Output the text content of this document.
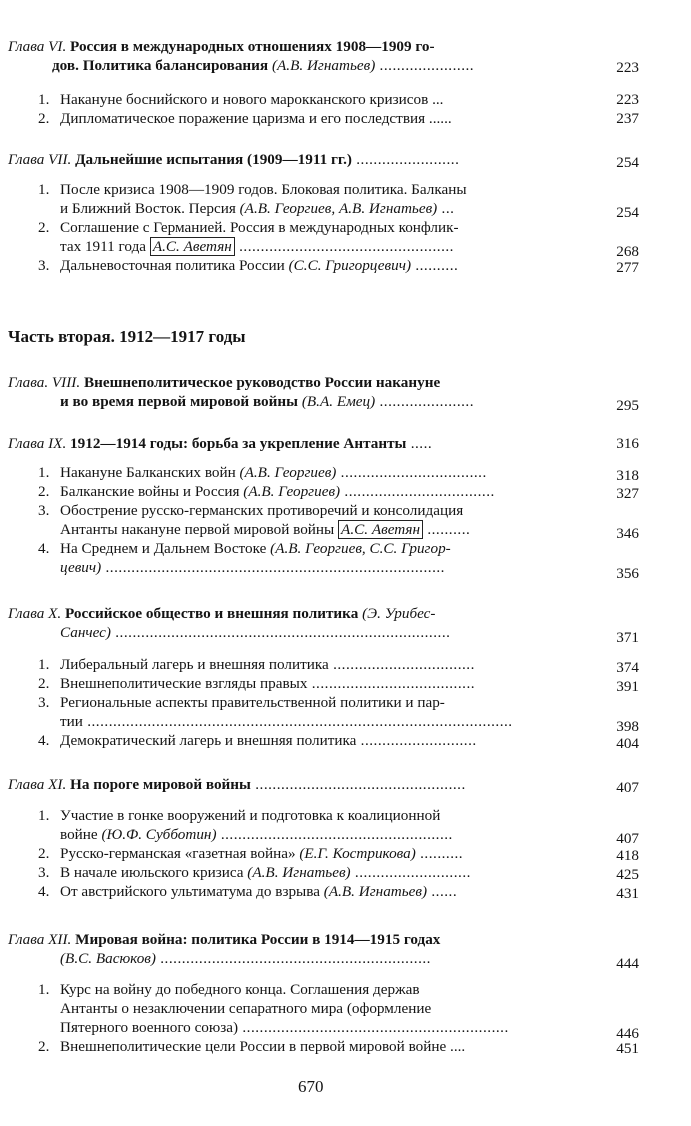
Глава VI. Россия в международных отношениях 1908—1909 го-
дов. Политика балансирования (А.В. Игнатьев) ......................	223
1. Накануне боснийского и нового марокканского кризисов ...	223
2. Дипломатическое поражение царизма и его последствия ......	237
Глава VII. Дальнейшие испытания (1909—1911 гг.) ........................	254
1. После кризиса 1908—1909 годов. Блоковая политика. Балканы
и Ближний Восток. Персия (А.В. Георгиев, А.В. Игнатьев) ...	254
2. Соглашение с Германией. Россия в международных конфлик-
тах 1911 года А.С. Аветян ..................................................	268
3. Дальневосточная политика России (С.С. Григорцевич) ..........	277
Часть вторая. 1912—1917 годы
Глава. VIII. Внешнеполитическое руководство России накануне
и во время первой мировой войны (В.А. Емец) ......................	295
Глава IX. 1912—1914 годы: борьба за укрепление Антанты .....	316
1. Накануне Балканских войн (А.В. Георгиев) ..................................	318
2. Балканские войны и Россия (А.В. Георгиев) ...................................	327
3. Обострение русско-германских противоречий и консолидация
Антанты накануне первой мировой войны А.С. Аветян ..........	346
4. На Среднем и Дальнем Востоке (А.В. Георгиев, С.С. Григор-
цевич) ...............................................................................	356
Глава X. Российское общество и внешняя политика (Э. Урибес-
Санчес) ..............................................................................	371
1. Либеральный лагерь и внешняя политика .................................	374
2. Внешнеполитические взгляды правых ......................................	391
3. Региональные аспекты правительственной политики и пар-
тии ...................................................................................................	398
4. Демократический лагерь и внешняя политика ...........................	404
Глава XI. На пороге мировой войны .................................................	407
1. Участие в гонке вооружений и подготовка к коалиционной
войне (Ю.Ф. Субботин) ......................................................	407
2. Русско-германская «газетная война» (Е.Г. Кострикова) ..........	418
3. В начале июльского кризиса (А.В. Игнатьев) ...........................	425
4. От австрийского ультиматума до взрыва (А.В. Игнатьев) ......	431
Глава XII. Мировая война: политика России в 1914—1915 годах
(В.С. Васюков) ...............................................................	444
1. Курс на войну до победного конца. Соглашения держав
Антанты о незаключении сепаратного мира (оформление
Пятерного военного союза) ..............................................................	446
2. Внешнеполитические цели России в первой мировой войне ....	451
670
